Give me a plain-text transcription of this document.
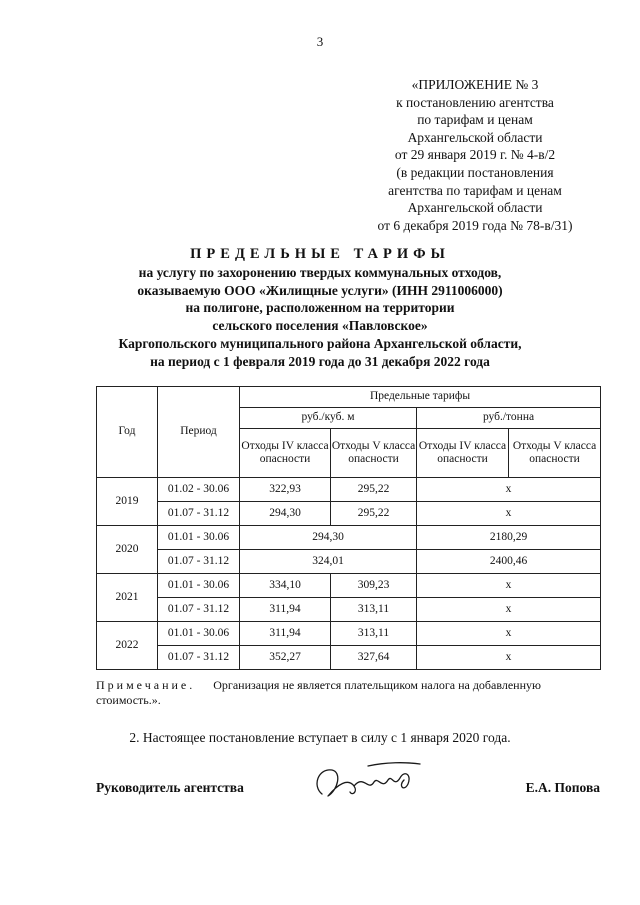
3
«ПРИЛОЖЕНИЕ № 3
к постановлению агентства
по тарифам и ценам
Архангельской области
от 29 января 2019 г. № 4-в/2
(в редакции постановления
агентства по тарифам и ценам
Архангельской области
от 6 декабря 2019 года № 78-в/31)
ПРЕДЕЛЬНЫЕ ТАРИФЫ
на услугу по захоронению твердых коммунальных отходов,
оказываемую ООО «Жилищные услуги» (ИНН 2911006000)
на полигоне, расположенном на территории
сельского поселения «Павловское»
Каргопольского муниципального района Архангельской области,
на период с 1 февраля 2019 года до 31 декабря 2022 года
Год	Период	Предельные тарифы			
		руб./куб. м		руб./тонна	
		Отходы IV класса опасности	Отходы V класса опасности	Отходы IV класса опасности	Отходы V класса опасности
2019	01.02 - 30.06	322,93	295,22	x	
	01.07 - 31.12	294,30	295,22	x	
2020	01.01 - 30.06	294,30		2180,29	
	01.07 - 31.12	324,01		2400,46	
2021	01.01 - 30.06	334,10	309,23	x	
	01.07 - 31.12	311,94	313,11	x	
2022	01.01 - 30.06	311,94	313,11	x	
	01.07 - 31.12	352,27	327,64	x	
Примечание. Организация не является плательщиком налога на добавленную стоимость.».
2. Настоящее постановление вступает в силу с 1 января 2020 года.
Руководитель агентства	Е.А. Попова
